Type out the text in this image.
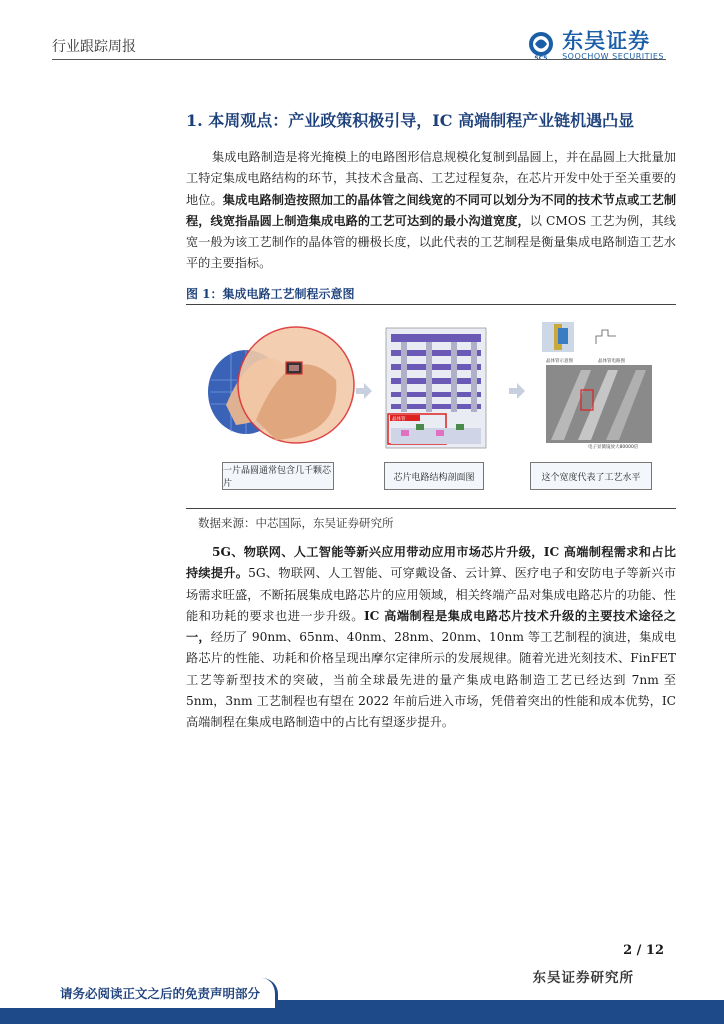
行业跟踪周报
SCS
东吴证券
SOOCHOW SECURITIES
1. 本周观点：产业政策积极引导，IC 高端制程产业链机遇凸显
集成电路制造是将光掩模上的电路图形信息规模化复制到晶圆上，并在晶圆上大批量加工特定集成电路结构的环节，其技术含量高、工艺过程复杂，在芯片开发中处于至关重要的地位。集成电路制造按照加工的晶体管之间线宽的不同可以划分为不同的技术节点或工艺制程，线宽指晶圆上制造集成电路的工艺可达到的最小沟道宽度，以 CMOS 工艺为例，其线宽一般为该工艺制作的晶体管的栅极长度，以此代表的工艺制程是衡量集成电路制造工艺水平的主要指标。
图 1：集成电路工艺制程示意图
晶体管
晶体管示意图	晶体管电路图
电子显微镜放大80000倍
一片晶圆通常包含几千颗芯片
芯片电路结构剖面图	这个宽度代表了工艺水平
数据来源：中芯国际，东吴证券研究所
5G、物联网、人工智能等新兴应用带动应用市场芯片升级，IC 高端制程需求和占比持续提升。5G、物联网、人工智能、可穿戴设备、云计算、医疗电子和安防电子等新兴市场需求旺盛，不断拓展集成电路芯片的应用领域，相关终端产品对集成电路芯片的功能、性能和功耗的要求也进一步升级。IC 高端制程是集成电路芯片技术升级的主要技术途径之一，经历了 90nm、65nm、40nm、28nm、20nm、10nm 等工艺制程的演进，集成电路芯片的性能、功耗和价格呈现出摩尔定律所示的发展规律。随着光进光刻技术、FinFET 工艺等新型技术的突破，当前全球最先进的量产集成电路制造工艺已经达到 7nm 至 5nm，3nm 工艺制程也有望在 2022 年前后进入市场，凭借着突出的性能和成本优势，IC 高端制程在集成电路制造中的占比有望逐步提升。
2 / 12
东吴证券研究所
请务必阅读正文之后的免责声明部分
